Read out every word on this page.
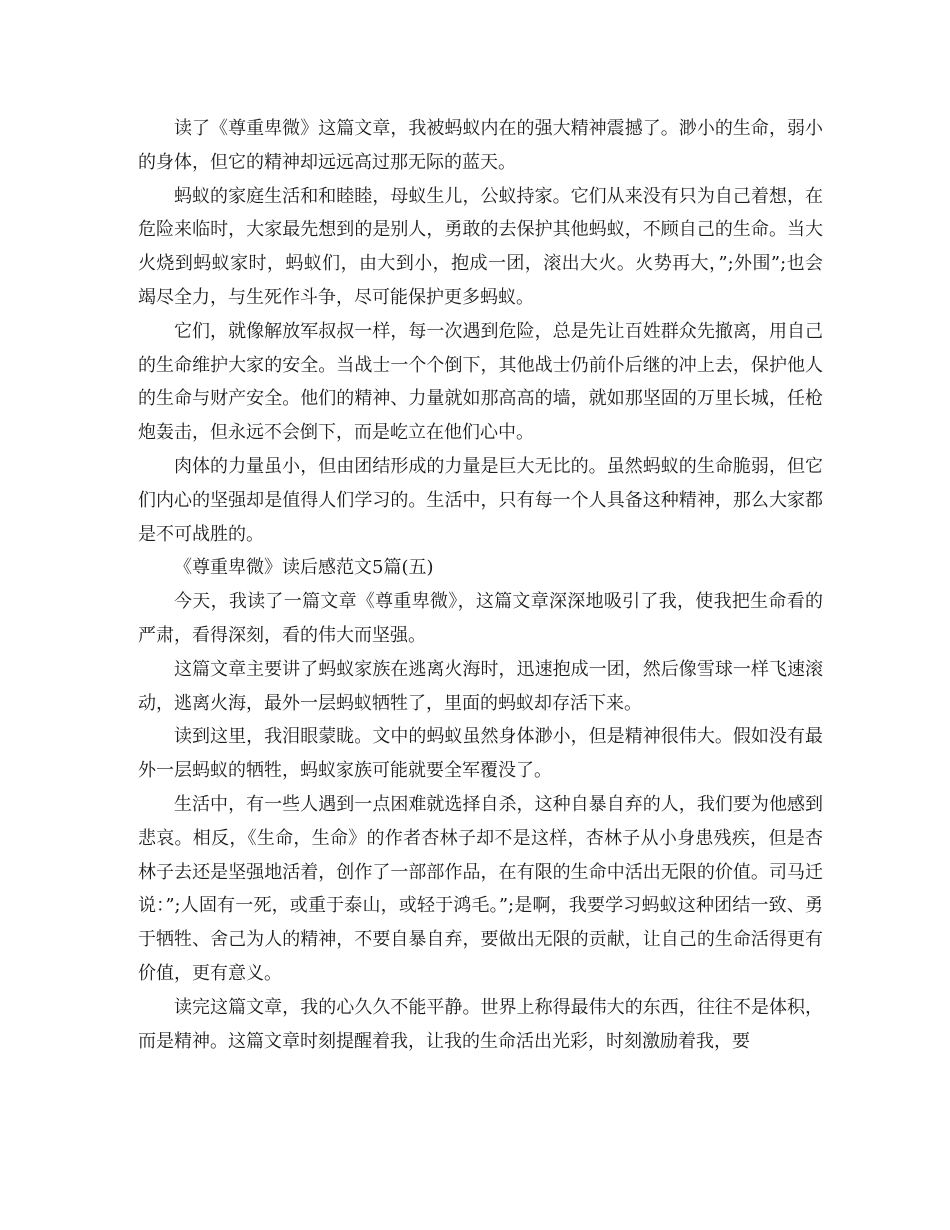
读了《尊重卑微》这篇文章，我被蚂蚁内在的强大精神震撼了。渺小的生命，弱小的身体，但它的精神却远远高过那无际的蓝天。

蚂蚁的家庭生活和和睦睦，母蚁生儿，公蚁持家。它们从来没有只为自己着想，在危险来临时，大家最先想到的是别人，勇敢的去保护其他蚂蚁，不顾自己的生命。当大火烧到蚂蚁家时，蚂蚁们，由大到小，抱成一团，滚出大火。火势再大，”;外围”;也会竭尽全力，与生死作斗争，尽可能保护更多蚂蚁。

它们，就像解放军叔叔一样，每一次遇到危险，总是先让百姓群众先撤离，用自己的生命维护大家的安全。当战士一个个倒下，其他战士仍前仆后继的冲上去，保护他人的生命与财产安全。他们的精神、力量就如那高高的墙，就如那坚固的万里长城，任枪炮轰击，但永远不会倒下，而是屹立在他们心中。

肉体的力量虽小，但由团结形成的力量是巨大无比的。虽然蚂蚁的生命脆弱，但它们内心的坚强却是值得人们学习的。生活中，只有每一个人具备这种精神，那么大家都是不可战胜的。

《尊重卑微》读后感范文5篇(五)

今天，我读了一篇文章《尊重卑微》，这篇文章深深地吸引了我，使我把生命看的严肃，看得深刻，看的伟大而坚强。

这篇文章主要讲了蚂蚁家族在逃离火海时，迅速抱成一团，然后像雪球一样飞速滚动，逃离火海，最外一层蚂蚁牺牲了，里面的蚂蚁却存活下来。

读到这里，我泪眼蒙眬。文中的蚂蚁虽然身体渺小，但是精神很伟大。假如没有最外一层蚂蚁的牺牲，蚂蚁家族可能就要全军覆没了。

生活中，有一些人遇到一点困难就选择自杀，这种自暴自弃的人，我们要为他感到悲哀。相反，《生命，生命》的作者杏林子却不是这样，杏林子从小身患残疾，但是杏林子去还是坚强地活着，创作了一部部作品，在有限的生命中活出无限的价值。司马迁说：”;人固有一死，或重于泰山，或轻于鸿毛。”;是啊，我要学习蚂蚁这种团结一致、勇于牺牲、舍己为人的精神，不要自暴自弃，要做出无限的贡献，让自己的生命活得更有价值，更有意义。

读完这篇文章，我的心久久不能平静。世界上称得最伟大的东西，往往不是体积，而是精神。这篇文章时刻提醒着我，让我的生命活出光彩，时刻激励着我，要
